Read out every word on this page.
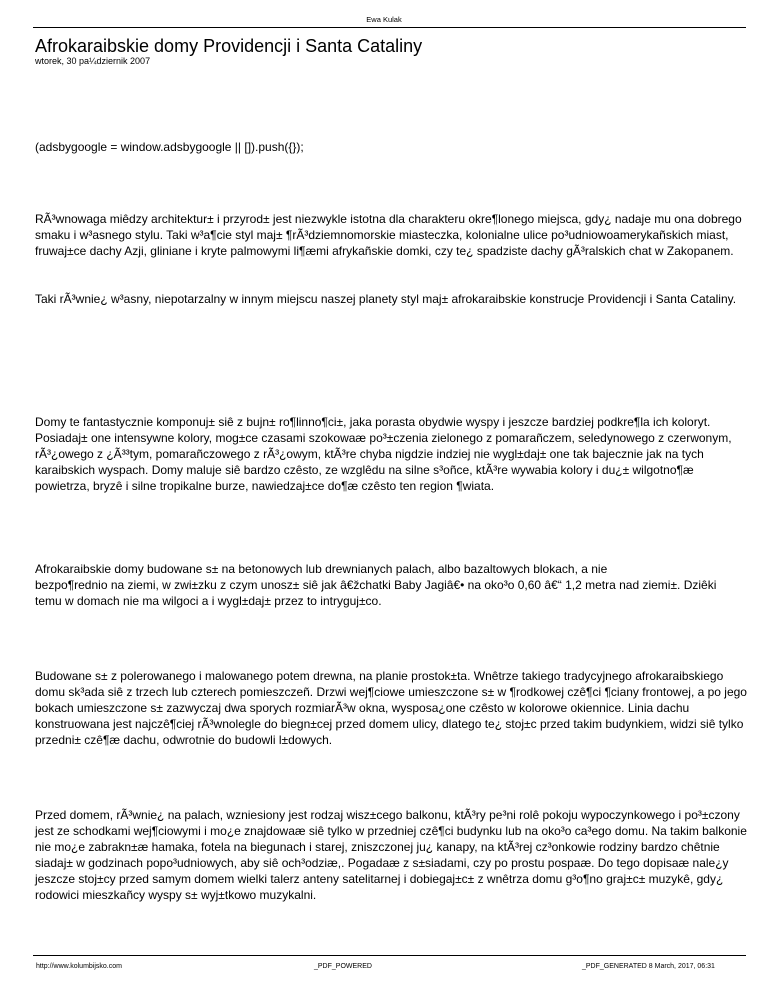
Ewa Kulak
Afrokaraibskie domy Providencji i Santa Cataliny
wtorek, 30 pa¼dziernik 2007

(adsbygoogle = window.adsbygoogle || []).push({});

RÃ³wnowaga miêdzy architektur± i przyrod± jest niezwykle istotna dla charakteru okre¶lonego miejsca, gdy¿ nadaje mu ona dobrego smaku i w³asnego stylu. Taki w³a¶cie styl maj± ¶rÃ³dziemnomorskie miasteczka, kolonialne ulice po³udniowoamerykañskich miast, fruwaj±ce dachy Azji, gliniane i kryte palmowymi li¶æmi afrykañskie domki, czy te¿ spadziste dachy gÃ³ralskich chat w Zakopanem.

Taki rÃ³wnie¿ w³asny, niepotarzalny w innym miejscu naszej planety styl maj± afrokaraibskie konstrucje Providencji i Santa Cataliny.

Domy te fantastycznie komponuj± siê z bujn± ro¶linno¶ci±, jaka porasta obydwie wyspy i jeszcze bardziej podkre¶la ich koloryt. Posiadaj± one intensywne kolory, mog±ce czasami szokowaæ po³±czenia zielonego z pomarañczem, seledynowego z czerwonym, rÃ³¿owego z ¿Ã³³tym, pomarañczowego z rÃ³¿owym, ktÃ³re chyba nigdzie indziej nie wygl±daj± one tak bajecznie jak na tych karaibskich wyspach. Domy maluje siê bardzo czêsto, ze wzglêdu na silne s³oñce, ktÃ³re wywabia kolory i du¿± wilgotno¶æ powietrza, bryzê i silne tropikalne burze, nawiedzaj±ce do¶æ czêsto ten region ¶wiata.

Afrokaraibskie domy budowane s± na betonowych lub drewnianych palach, albo bazaltowych blokach, a nie

bezpo¶rednio na ziemi, w zwi±zku z czym unosz± siê jak â€žchatki Baby Jagiâ€• na oko³o 0,60 â€“ 1,2 metra nad ziemi±. Dziêki

temu w domach nie ma wilgoci a i wygl±daj± przez to intryguj±co.

Budowane s± z polerowanego i malowanego potem drewna, na planie prostok±ta. Wnêtrze takiego tradycyjnego afrokaraibskiego domu sk³ada siê z trzech lub czterech pomieszczeñ. Drzwi wej¶ciowe umieszczone s± w ¶rodkowej czê¶ci ¶ciany frontowej, a po jego bokach umieszczone s± zazwyczaj dwa sporych rozmiarÃ³w okna, wysposa¿one czêsto w kolorowe okiennice. Linia dachu konstruowana jest najczê¶ciej rÃ³wnolegle do biegn±cej przed domem ulicy, dlatego te¿ stoj±c przed takim budynkiem, widzi siê tylko przedni± czê¶æ dachu, odwrotnie do budowli l±dowych.

Przed domem, rÃ³wnie¿ na palach, wzniesiony jest rodzaj wisz±cego balkonu, ktÃ³ry pe³ni rolê pokoju wypoczynkowego i po³±czony jest ze schodkami wej¶ciowymi i mo¿e znajdowaæ siê tylko w przedniej czê¶ci budynku lub na oko³o ca³ego domu. Na takim balkonie nie mo¿e zabrakn±æ hamaka, fotela na biegunach i starej, zniszczonej ju¿ kanapy, na ktÃ³rej cz³onkowie rodziny bardzo chêtnie siadaj± w godzinach popo³udniowych, aby siê och³odziæ,. Pogadaæ z s±siadami, czy po prostu pospaæ. Do tego dopisaæ nale¿y jeszcze stoj±cy przed samym domem wielki talerz anteny satelitarnej i dobiegaj±c± z wnêtrza domu g³o¶no graj±c± muzykê, gdy¿ rodowici mieszkañcy wyspy s± wyj±tkowo muzykalni.

http://www.kolumbijsko.com	_PDF_POWERED	_PDF_GENERATED 8 March, 2017, 06:31
